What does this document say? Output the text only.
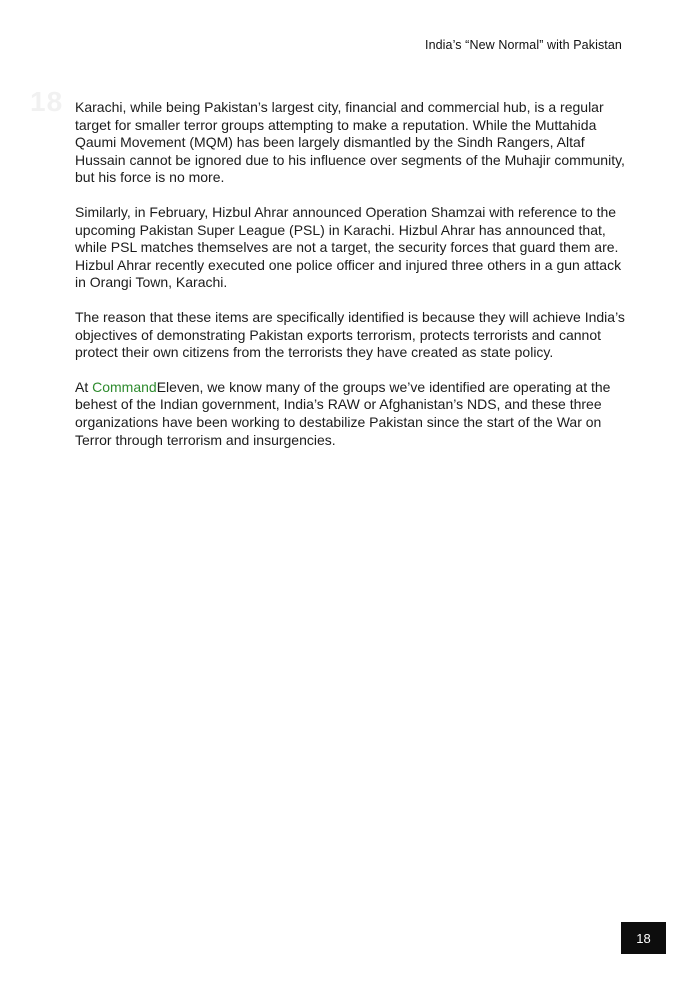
India’s “New Normal” with Pakistan
18 Karachi, while being Pakistan’s largest city, financial and commercial hub, is a regular target for smaller terror groups attempting to make a reputation. While the Muttahida Qaumi Movement (MQM) has been largely dismantled by the Sindh Rangers, Altaf Hussain cannot be ignored due to his influence over segments of the Muhajir community, but his force is no more.

Similarly, in February, Hizbul Ahrar announced Operation Shamzai with reference to the upcoming Pakistan Super League (PSL) in Karachi. Hizbul Ahrar has announced that, while PSL matches themselves are not a target, the security forces that guard them are. Hizbul Ahrar recently executed one police officer and injured three others in a gun attack in Orangi Town, Karachi.

The reason that these items are specifically identified is because they will achieve India’s objectives of demonstrating Pakistan exports terrorism, protects terrorists and cannot protect their own citizens from the terrorists they have created as state policy.

At CommandEleven, we know many of the groups we’ve identified are operating at the behest of the Indian government, India’s RAW or Afghanistan’s NDS, and these three organizations have been working to destabilize Pakistan since the start of the War on Terror through terrorism and insurgencies.

18
